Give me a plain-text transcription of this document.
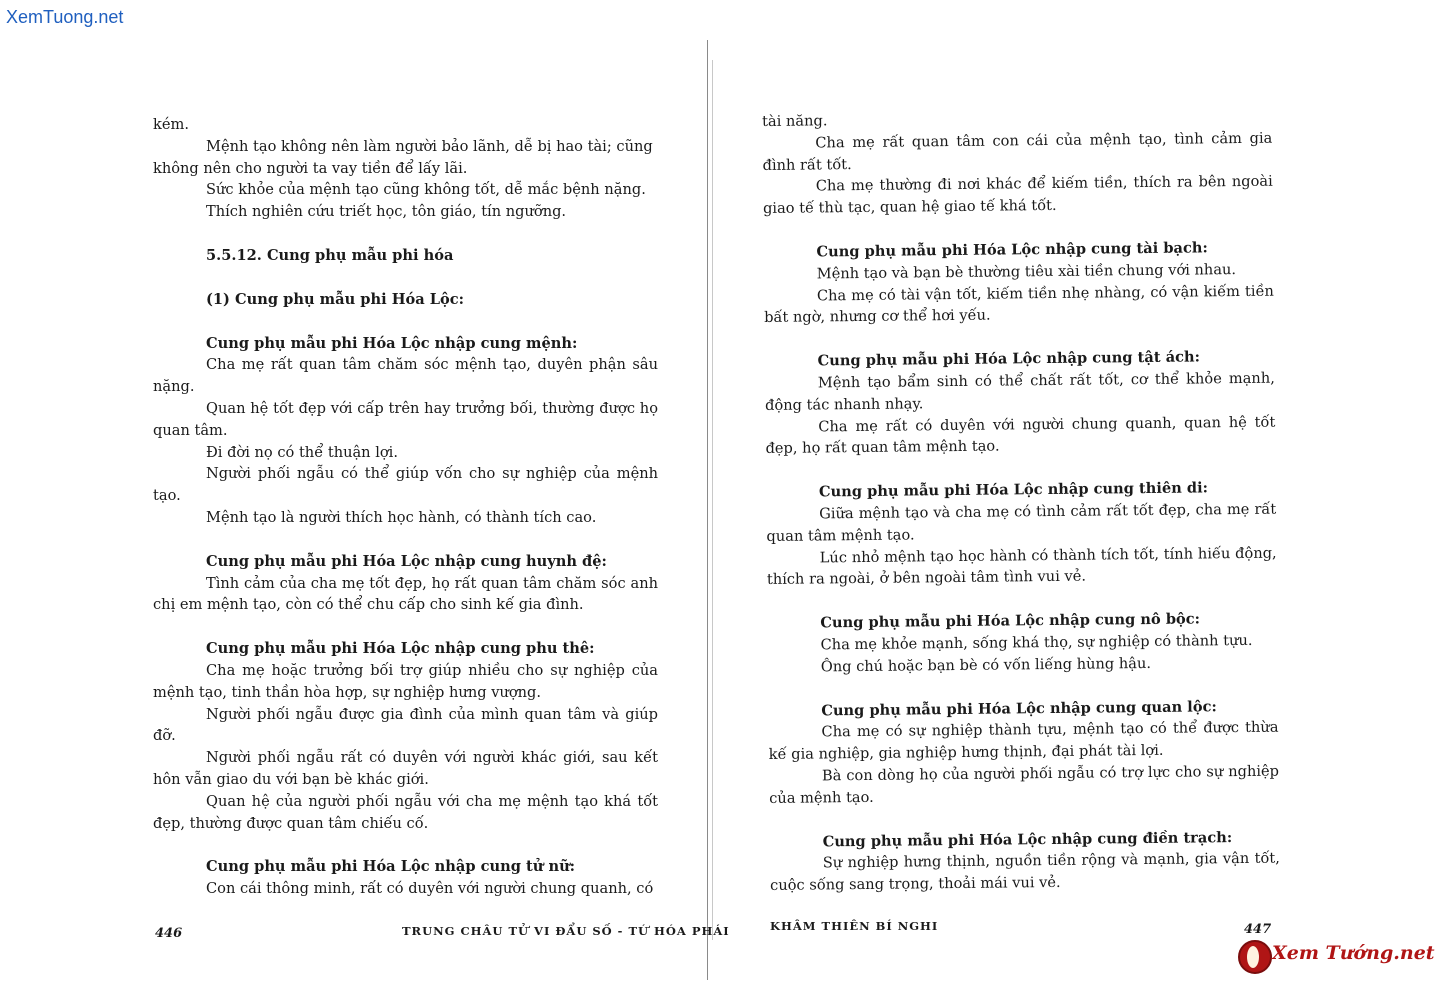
XemTuong.net

kém.

Mệnh tạo không nên làm người bảo lãnh, dễ bị hao tài; cũng
không nên cho người ta vay tiền để lấy lãi.

Sức khỏe của mệnh tạo cũng không tốt, dễ mắc bệnh nặng.

Thích nghiên cứu triết học, tôn giáo, tín ngưỡng.

5.5.12. Cung phụ mẫu phi hóa

(1) Cung phụ mẫu phi Hóa Lộc:

Cung phụ mẫu phi Hóa Lộc nhập cung mệnh:

Cha mẹ rất quan tâm chăm sóc mệnh tạo, duyên phận sâu nặng.

Quan hệ tốt đẹp với cấp trên hay trưởng bối, thường được họ quan tâm.

Đi đời nọ có thể thuận lợi.

Người phối ngẫu có thể giúp vốn cho sự nghiệp của mệnh tạo.

Mệnh tạo là người thích học hành, có thành tích cao.

Cung phụ mẫu phi Hóa Lộc nhập cung huynh đệ:

Tình cảm của cha mẹ tốt đẹp, họ rất quan tâm chăm sóc anh chị em mệnh tạo, còn có thể chu cấp cho sinh kế gia đình.

Cung phụ mẫu phi Hóa Lộc nhập cung phu thê:

Cha mẹ hoặc trưởng bối trợ giúp nhiều cho sự nghiệp của mệnh tạo, tinh thần hòa hợp, sự nghiệp hưng vượng.

Người phối ngẫu được gia đình của mình quan tâm và giúp đỡ.

Người phối ngẫu rất có duyên với người khác giới, sau kết hôn vẫn giao du với bạn bè khác giới.

Quan hệ của người phối ngẫu với cha mẹ mệnh tạo khá tốt đẹp, thường được quan tâm chiếu cố.

Cung phụ mẫu phi Hóa Lộc nhập cung tử nữ:

Con cái thông minh, rất có duyên với người chung quanh, có

446	TRUNG CHÂU TỬ VI ĐẨU SỐ - TỨ HÓA PHÁI

tài năng.

Cha mẹ rất quan tâm con cái của mệnh tạo, tình cảm gia đình rất tốt.

Cha mẹ thường đi nơi khác để kiếm tiền, thích ra bên ngoài giao tế thù tạc, quan hệ giao tế khá tốt.

Cung phụ mẫu phi Hóa Lộc nhập cung tài bạch:

Mệnh tạo và bạn bè thường tiêu xài tiền chung với nhau.

Cha mẹ có tài vận tốt, kiếm tiền nhẹ nhàng, có vận kiếm tiền bất ngờ, nhưng cơ thể hơi yếu.

Cung phụ mẫu phi Hóa Lộc nhập cung tật ách:

Mệnh tạo bẩm sinh có thể chất rất tốt, cơ thể khỏe mạnh, động tác nhanh nhạy.

Cha mẹ rất có duyên với người chung quanh, quan hệ tốt đẹp, họ rất quan tâm mệnh tạo.

Cung phụ mẫu phi Hóa Lộc nhập cung thiên di:

Giữa mệnh tạo và cha mẹ có tình cảm rất tốt đẹp, cha mẹ rất quan tâm mệnh tạo.

Lúc nhỏ mệnh tạo học hành có thành tích tốt, tính hiếu động, thích ra ngoài, ở bên ngoài tâm tình vui vẻ.

Cung phụ mẫu phi Hóa Lộc nhập cung nô bộc:

Cha mẹ khỏe mạnh, sống khá thọ, sự nghiệp có thành tựu.

Ông chú hoặc bạn bè có vốn liếng hùng hậu.

Cung phụ mẫu phi Hóa Lộc nhập cung quan lộc:

Cha mẹ có sự nghiệp thành tựu, mệnh tạo có thể được thừa kế gia nghiệp, gia nghiệp hưng thịnh, đại phát tài lợi.

Bà con dòng họ của người phối ngẫu có trợ lực cho sự nghiệp của mệnh tạo.

Cung phụ mẫu phi Hóa Lộc nhập cung điền trạch:

Sự nghiệp hưng thịnh, nguồn tiền rộng và mạnh, gia vận tốt, cuộc sống sang trọng, thoải mái vui vẻ.

KHÂM THIÊN BÍ NGHI	447
Xem Tướng.net
